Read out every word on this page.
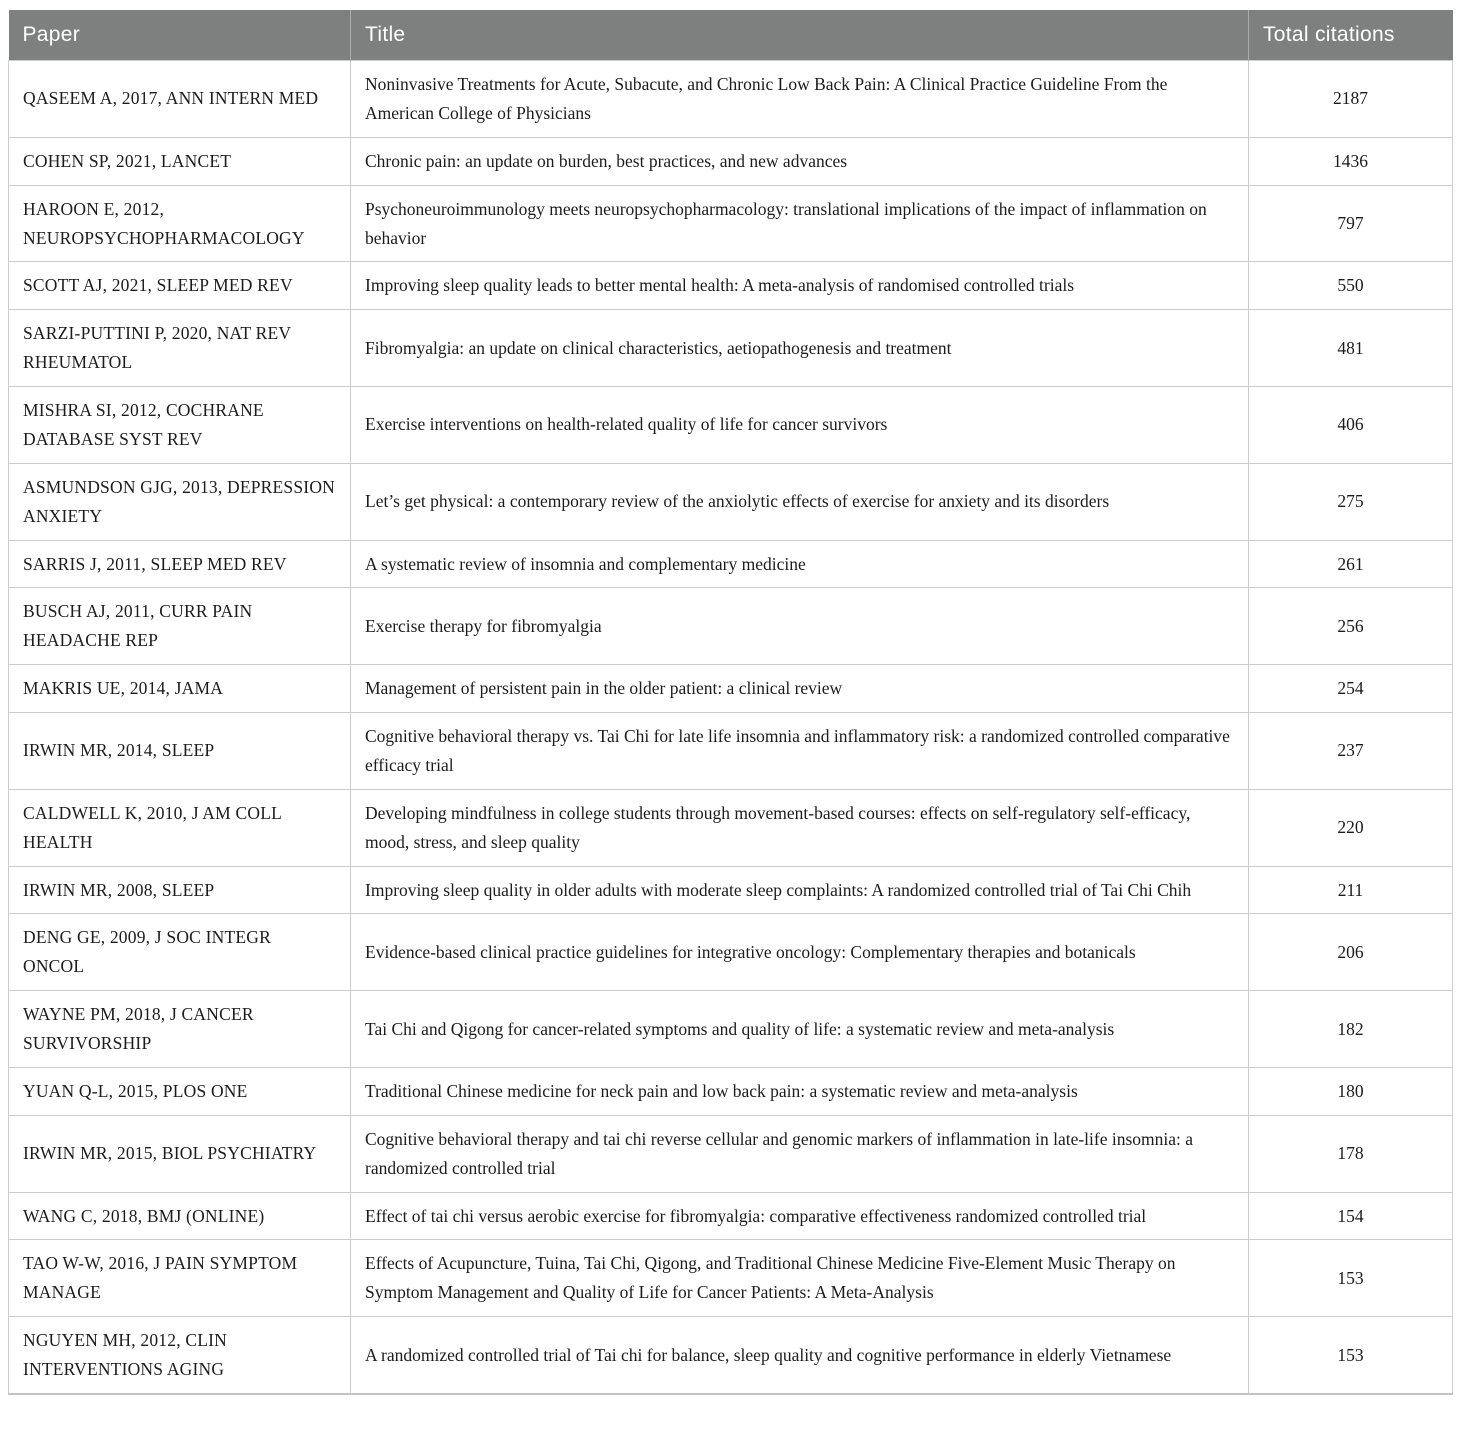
Paper	Title	Total citations
QASEEM A, 2017, ANN INTERN MED	Noninvasive Treatments for Acute, Subacute, and Chronic Low Back Pain: A Clinical Practice Guideline From the American College of Physicians	2187
COHEN SP, 2021, LANCET	Chronic pain: an update on burden, best practices, and new advances	1436
HAROON E, 2012, NEUROPSYCHOPHARMACOLOGY	Psychoneuroimmunology meets neuropsychopharmacology: translational implications of the impact of inflammation on behavior	797
SCOTT AJ, 2021, SLEEP MED REV	Improving sleep quality leads to better mental health: A meta-analysis of randomised controlled trials	550
SARZI-PUTTINI P, 2020, NAT REV RHEUMATOL	Fibromyalgia: an update on clinical characteristics, aetiopathogenesis and treatment	481
MISHRA SI, 2012, COCHRANE DATABASE SYST REV	Exercise interventions on health-related quality of life for cancer survivors	406
ASMUNDSON GJG, 2013, DEPRESSION ANXIETY	Let’s get physical: a contemporary review of the anxiolytic effects of exercise for anxiety and its disorders	275
SARRIS J, 2011, SLEEP MED REV	A systematic review of insomnia and complementary medicine	261
BUSCH AJ, 2011, CURR PAIN HEADACHE REP	Exercise therapy for fibromyalgia	256
MAKRIS UE, 2014, JAMA	Management of persistent pain in the older patient: a clinical review	254
IRWIN MR, 2014, SLEEP	Cognitive behavioral therapy vs. Tai Chi for late life insomnia and inflammatory risk: a randomized controlled comparative efficacy trial	237
CALDWELL K, 2010, J AM COLL HEALTH	Developing mindfulness in college students through movement-based courses: effects on self-regulatory self-efficacy, mood, stress, and sleep quality	220
IRWIN MR, 2008, SLEEP	Improving sleep quality in older adults with moderate sleep complaints: A randomized controlled trial of Tai Chi Chih	211
DENG GE, 2009, J SOC INTEGR ONCOL	Evidence-based clinical practice guidelines for integrative oncology: Complementary therapies and botanicals	206
WAYNE PM, 2018, J CANCER SURVIVORSHIP	Tai Chi and Qigong for cancer-related symptoms and quality of life: a systematic review and meta-analysis	182
YUAN Q-L, 2015, PLOS ONE	Traditional Chinese medicine for neck pain and low back pain: a systematic review and meta-analysis	180
IRWIN MR, 2015, BIOL PSYCHIATRY	Cognitive behavioral therapy and tai chi reverse cellular and genomic markers of inflammation in late-life insomnia: a randomized controlled trial	178
WANG C, 2018, BMJ (ONLINE)	Effect of tai chi versus aerobic exercise for fibromyalgia: comparative effectiveness randomized controlled trial	154
TAO W-W, 2016, J PAIN SYMPTOM MANAGE	Effects of Acupuncture, Tuina, Tai Chi, Qigong, and Traditional Chinese Medicine Five-Element Music Therapy on Symptom Management and Quality of Life for Cancer Patients: A Meta-Analysis	153
NGUYEN MH, 2012, CLIN INTERVENTIONS AGING	A randomized controlled trial of Tai chi for balance, sleep quality and cognitive performance in elderly Vietnamese	153
